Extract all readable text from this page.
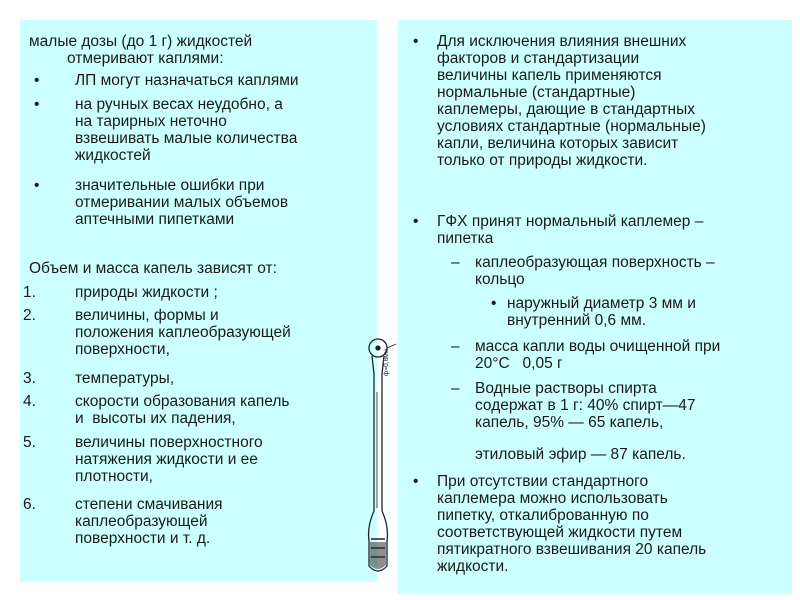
малые дозы (до 1 г) жидкостей

отмеривают каплями:

• ЛП могут назначаться каплями

• на ручных весах неудобно, а

на тарирных неточно

взвешивать малые количества

жидкостей

• значительные ошибки при

отмеривании малых объемов

аптечными пипетками

Объем и масса капель зависят от:

1.	природы жидкости ;

2.	величины, формы и

положения каплеобразующей

поверхности,

3.	температуры,

4.	скорости образования капель

и  высоты их падения,

5.	величины поверхностного

натяжения жидкости и ее

плотности,

6.	степени смачивания

каплеобразующей

поверхности и т. д.

• Для исключения влияния внешних

факторов и стандартизации

величины капель применяются

нормальные (стандартные)

каплемеры, дающие в стандартных

условиях стандартные (нормальные)

капли, величина которых зависит

только от природы жидкости.

• ГФХ принят нормальный каплемер –

пипетка

– каплеобразующая поверхность –

кольцо

• наружный диаметр 3 мм и

внутренний 0,6 мм.

– масса капли воды очищенной при

20°С   0,05 г

– Водные растворы спирта

содержат в 1 г: 40% спирт—47

капель, 95% — 65 капель,

этиловый эфир — 87 капель.

• При отсутствии стандартного

каплемера можно использовать

пипетку, откалиброванную по

соответствующей жидкости путем

пятикратного взвешивания 20 капель

жидкости.

ф=0,6мм
